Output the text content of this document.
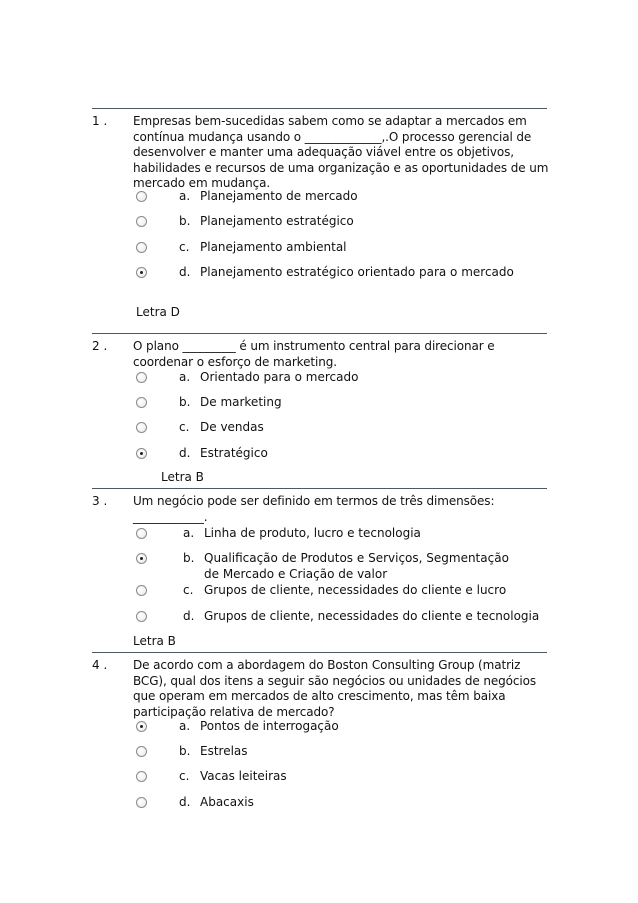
1 . Empresas bem-sucedidas sabem como se adaptar a mercados em contínua mudança usando o _____________,.O processo gerencial de desenvolver e manter uma adequação viável entre os objetivos, habilidades e recursos de uma organização e as oportunidades de um mercado em mudança.
a. Planejamento de mercado
b. Planejamento estratégico
c. Planejamento ambiental
d. Planejamento estratégico orientado para o mercado
Letra D
2 . O plano _________ é um instrumento central para direcionar e coordenar o esforço de marketing.
a. Orientado para o mercado
b. De marketing
c. De vendas
d. Estratégico
Letra B
3 . Um negócio pode ser definido em termos de três dimensões: ____________.
a. Linha de produto, lucro e tecnologia
b. Qualificação de Produtos e Serviços, Segmentação de Mercado e Criação de valor
c. Grupos de cliente, necessidades do cliente e lucro
d. Grupos de cliente, necessidades do cliente e tecnologia
Letra B
4 . De acordo com a abordagem do Boston Consulting Group (matriz BCG), qual dos itens a seguir são negócios ou unidades de negócios que operam em mercados de alto crescimento, mas têm baixa participação relativa de mercado?
a. Pontos de interrogação
b. Estrelas
c. Vacas leiteiras
d. Abacaxis
